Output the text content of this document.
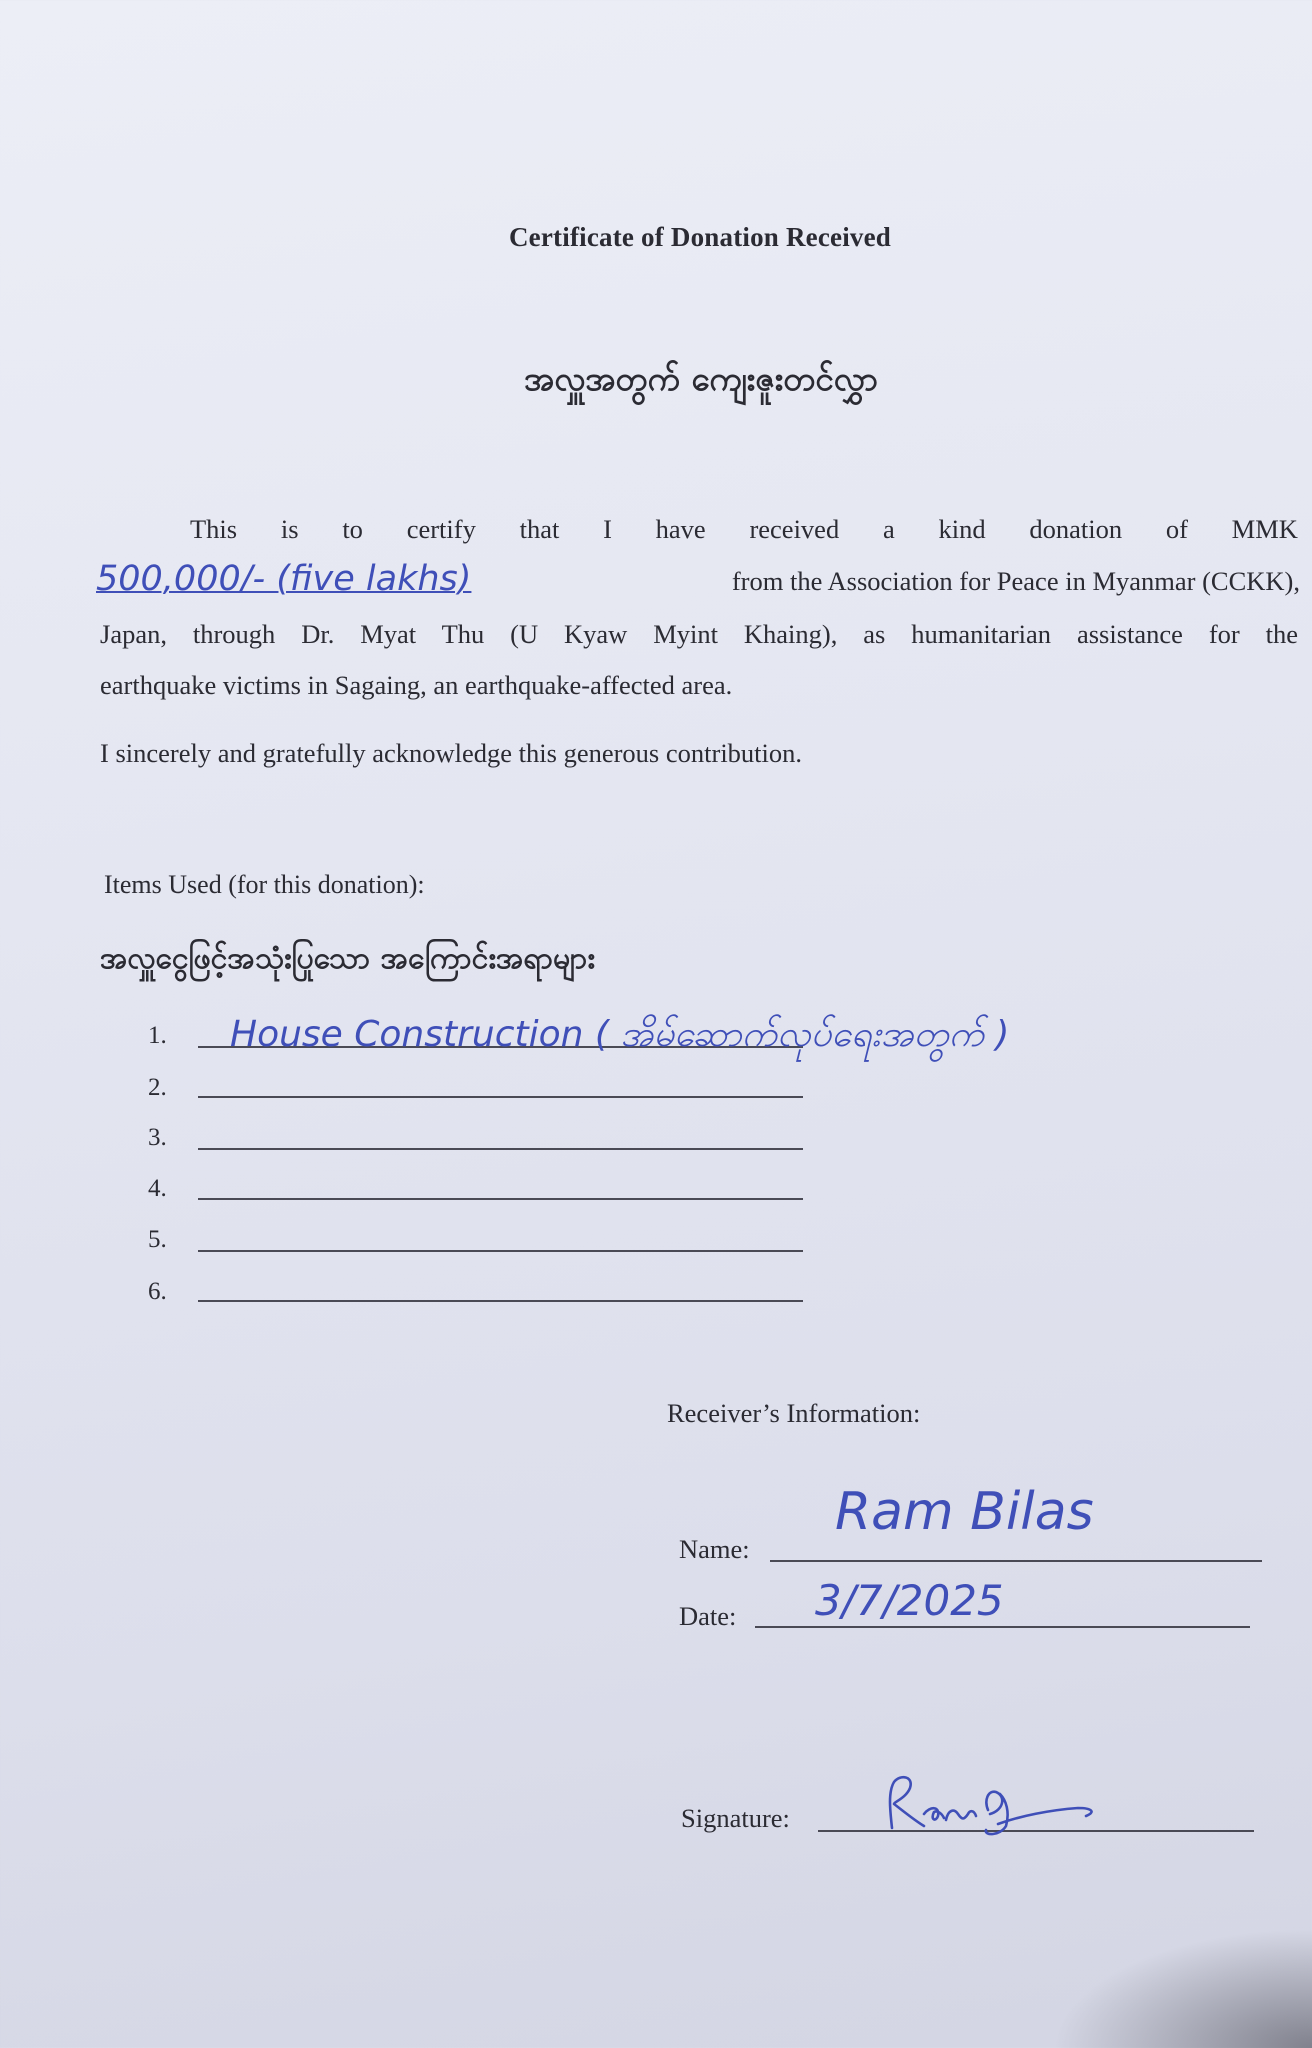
Certificate of Donation Received
အလှူအတွက် ကျေးဇူးတင်လွှာ
This is to certify that I have received a kind donation of MMK
500,000/- (five lakhs)	from the Association for Peace in Myanmar (CCKK),
Japan, through Dr. Myat Thu (U Kyaw Myint Khaing), as humanitarian assistance for the
earthquake victims in Sagaing, an earthquake-affected area.
I sincerely and gratefully acknowledge this generous contribution.
Items Used (for this donation):
အလှူငွေဖြင့်အသုံးပြုသော အကြောင်းအရာများ
1. House Construction ( အိမ်ဆောက်လုပ်ရေးအတွက် )
2.
3.
4.
5.
6.
Receiver’s Information:
Name:
Ram Bilas
Date: 3/7/2025
Signature:
